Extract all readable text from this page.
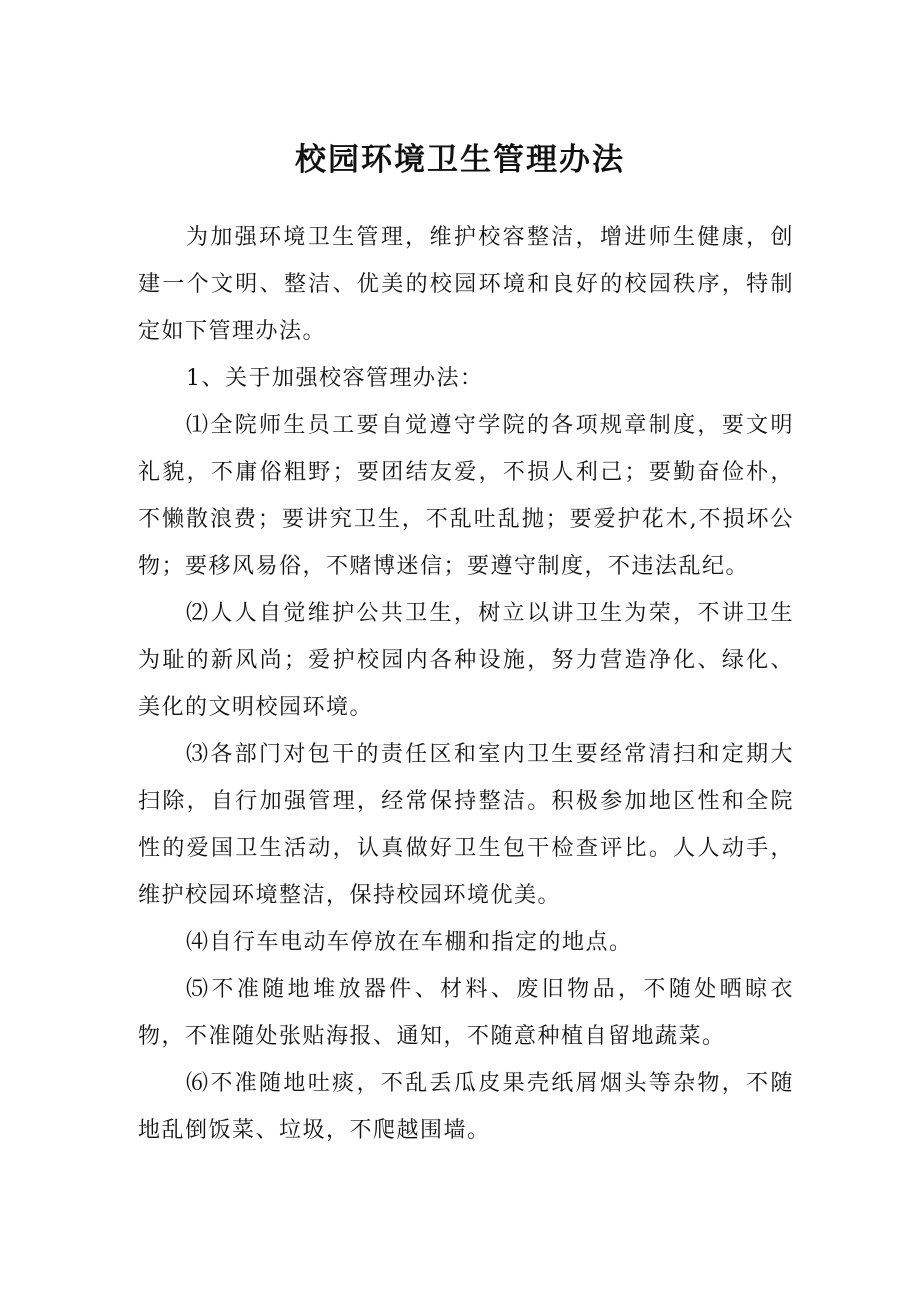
校园环境卫生管理办法

为加强环境卫生管理，维护校容整洁，增进师生健康，创建一个文明、整洁、优美的校园环境和良好的校园秩序，特制定如下管理办法。

1、关于加强校容管理办法：

⑴全院师生员工要自觉遵守学院的各项规章制度，要文明礼貌，不庸俗粗野；要团结友爱，不损人利己；要勤奋俭朴，不懒散浪费；要讲究卫生，不乱吐乱抛；要爱护花木,不损坏公物；要移风易俗，不赌博迷信；要遵守制度，不违法乱纪。

⑵人人自觉维护公共卫生，树立以讲卫生为荣，不讲卫生为耻的新风尚；爱护校园内各种设施，努力营造净化、绿化、美化的文明校园环境。

⑶各部门对包干的责任区和室内卫生要经常清扫和定期大扫除，自行加强管理，经常保持整洁。积极参加地区性和全院性的爱国卫生活动，认真做好卫生包干检查评比。人人动手，维护校园环境整洁，保持校园环境优美。

⑷自行车电动车停放在车棚和指定的地点。

⑸不准随地堆放器件、材料、废旧物品，不随处晒晾衣物，不准随处张贴海报、通知，不随意种植自留地蔬菜。

⑹不准随地吐痰，不乱丢瓜皮果壳纸屑烟头等杂物，不随地乱倒饭菜、垃圾，不爬越围墙。
